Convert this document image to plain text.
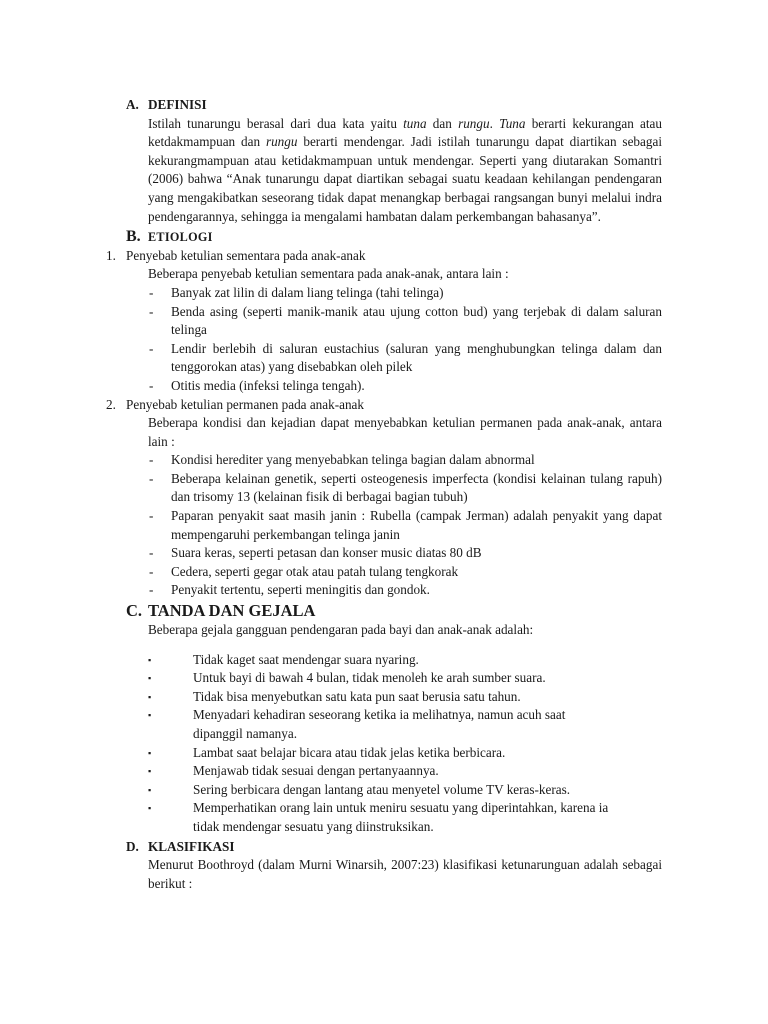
A. DEFINISI
Istilah tunarungu berasal dari dua kata yaitu tuna dan rungu. Tuna berarti kekurangan atau ketdakmampuan dan rungu berarti mendengar. Jadi istilah tunarungu dapat diartikan sebagai kekurangmampuan atau ketidakmampuan untuk mendengar. Seperti yang diutarakan Somantri (2006) bahwa “Anak tunarungu dapat diartikan sebagai suatu keadaan kehilangan pendengaran yang mengakibatkan seseorang tidak dapat menangkap berbagai rangsangan bunyi melalui indra pendengarannya, sehingga ia mengalami hambatan dalam perkembangan bahasanya”.
B. ETIOLOGI
1. Penyebab ketulian sementara pada anak-anak
Beberapa penyebab ketulian sementara pada anak-anak, antara lain :
-	Banyak zat lilin di dalam liang telinga (tahi telinga)
-	Benda asing (seperti manik-manik atau ujung cotton bud) yang terjebak di dalam saluran telinga
-	Lendir berlebih di saluran eustachius (saluran yang menghubungkan telinga dalam dan tenggorokan atas) yang disebabkan oleh pilek
-	Otitis media (infeksi telinga tengah).
2. Penyebab ketulian permanen pada anak-anak
Beberapa kondisi dan kejadian dapat menyebabkan ketulian permanen pada anak-anak, antara lain :
-	Kondisi herediter yang menyebabkan telinga bagian dalam abnormal
-	Beberapa kelainan genetik, seperti osteogenesis imperfecta (kondisi kelainan tulang rapuh) dan trisomy 13 (kelainan fisik di berbagai bagian tubuh)
-	Paparan penyakit saat masih janin : Rubella (campak Jerman) adalah penyakit yang dapat mempengaruhi perkembangan telinga janin
-	Suara keras, seperti petasan dan konser music diatas 80 dB
-	Cedera, seperti gegar otak atau patah tulang tengkorak
-	Penyakit tertentu, seperti meningitis dan gondok.
C. TANDA DAN GEJALA
Beberapa gejala gangguan pendengaran pada bayi dan anak-anak adalah:
▪	Tidak kaget saat mendengar suara nyaring.
▪	Untuk bayi di bawah 4 bulan, tidak menoleh ke arah sumber suara.
▪	Tidak bisa menyebutkan satu kata pun saat berusia satu tahun.
▪	Menyadari kehadiran seseorang ketika ia melihatnya, namun acuh saat dipanggil namanya.
▪	Lambat saat belajar bicara atau tidak jelas ketika berbicara.
▪	Menjawab tidak sesuai dengan pertanyaannya.
▪	Sering berbicara dengan lantang atau menyetel volume TV keras-keras.
▪	Memperhatikan orang lain untuk meniru sesuatu yang diperintahkan, karena ia tidak mendengar sesuatu yang diinstruksikan.
D. KLASIFIKASI
Menurut Boothroyd (dalam Murni Winarsih, 2007:23) klasifikasi ketunarunguan adalah sebagai berikut :
